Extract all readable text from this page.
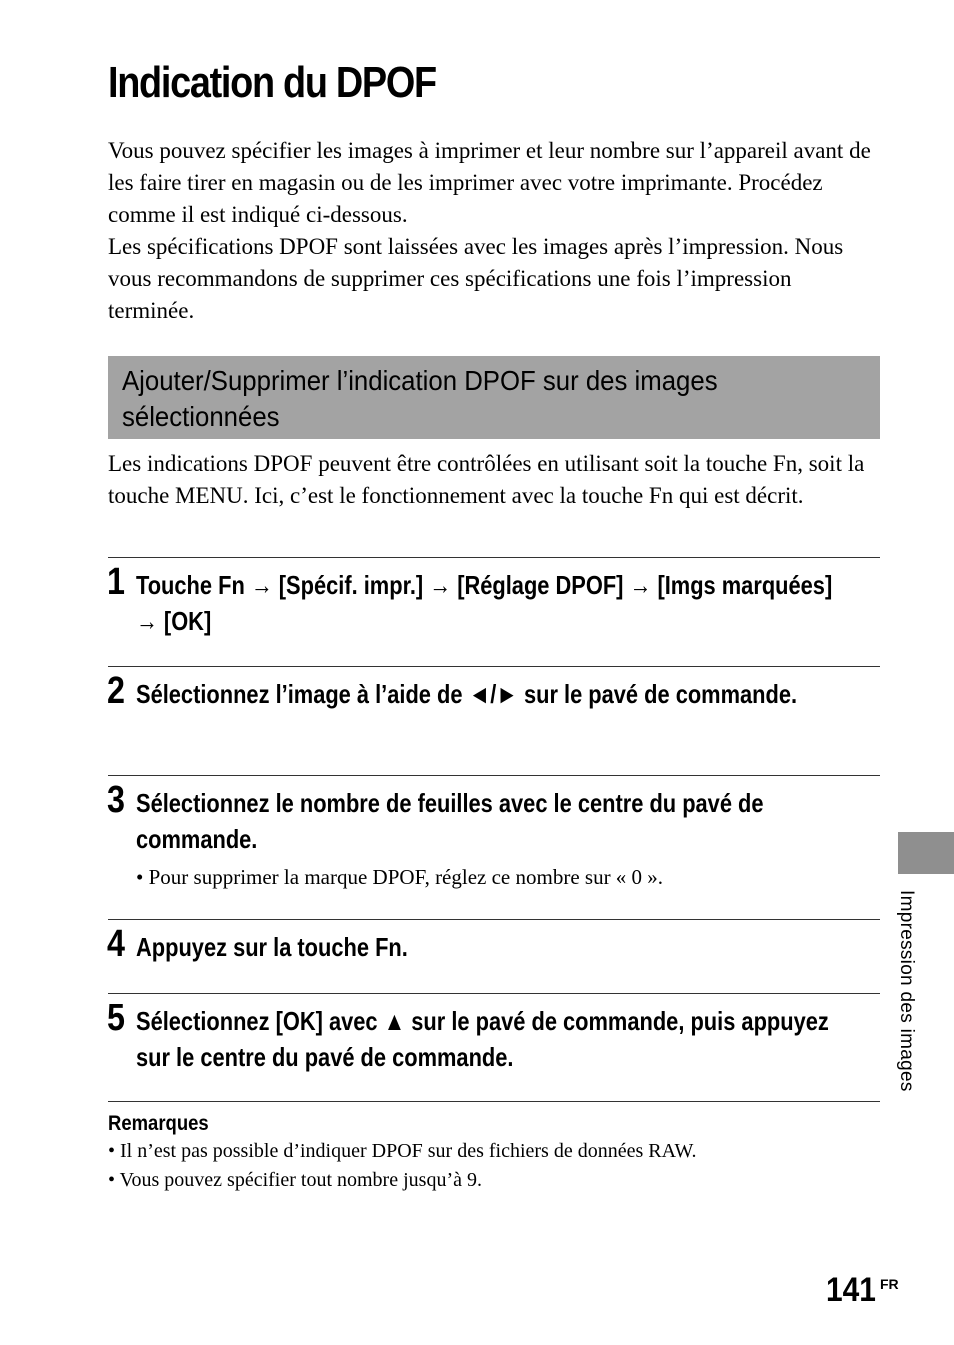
Indication du DPOF

Vous pouvez spécifier les images à imprimer et leur nombre sur l’appareil avant de les faire tirer en magasin ou de les imprimer avec votre imprimante. Procédez comme il est indiqué ci-dessous.

Les spécifications DPOF sont laissées avec les images après l’impression. Nous vous recommandons de supprimer ces spécifications une fois l’impression terminée.

Ajouter/Supprimer l’indication DPOF sur des images sélectionnées
Les indications DPOF peuvent être contrôlées en utilisant soit la touche Fn, soit la touche MENU. Ici, c’est le fonctionnement avec la touche Fn qui est décrit.
1 Touche Fn → [Spécif. impr.] → [Réglage DPOF] → [Imgs marquées] → [OK]
2 Sélectionnez l’image à l’aide de ◄/► sur le pavé de commande.
3 Sélectionnez le nombre de feuilles avec le centre du pavé de commande.
• Pour supprimer la marque DPOF, réglez ce nombre sur « 0 ».
4 Appuyez sur la touche Fn.
5 Sélectionnez [OK] avec ▲ sur le pavé de commande, puis appuyez sur le centre du pavé de commande.
Remarques
• Il n’est pas possible d’indiquer DPOF sur des fichiers de données RAW.
• Vous pouvez spécifier tout nombre jusqu’à 9.
Impression des images
141 FR
